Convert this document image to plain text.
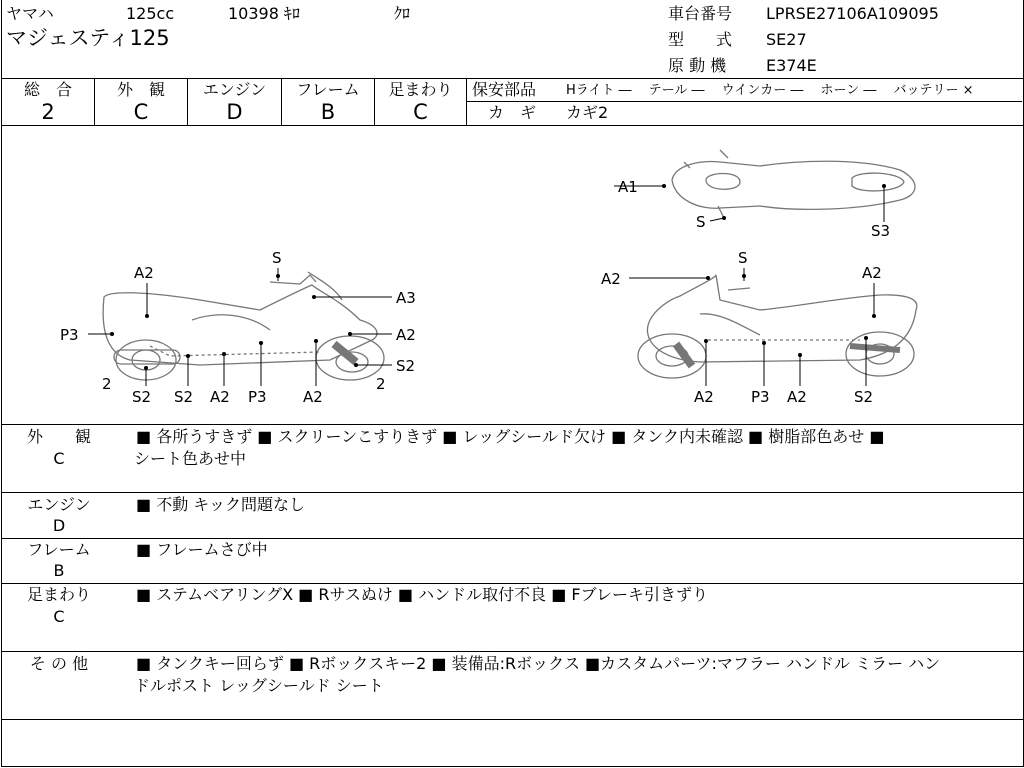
ヤマハ	125cc	10398 ｷﾛ	ｸﾛ
マジェスティ125
車台番号 LPRSE27106A109095
型　　式 SE27
原 動 機 E374E
総　合
2
外　観
C
エンジン
D
フレーム
B
足まわり
C
保安部品 Hライト ―　 テール ―　 ウインカー ―　 ホーン ―　 バッテリー ×
カ　ギ カギ2
A2
S
A3
P3	A2
S2
2
S2 S2 A2 P3 A2
2
A1
S	S3
A2
S
A2
A2 P3 A2	S2
外　　観
C
■ 各所うすきず ■ スクリーンこすりきず ■ レッグシールド欠け ■ タンク内未確認 ■ 樹脂部色あせ ■
シート色あせ中
エンジン
D
■ 不動 キック問題なし
フレーム
B
■ フレームさび中
足まわり
C
■ ステムベアリングX ■ Rサスぬけ ■ ハンドル取付不良 ■ Fブレーキ引きずり
そ の 他	■ タンクキー回らず ■ Rボックスキー2 ■ 装備品:Rボックス ■カスタムパーツ:マフラー ハンドル ミラー ハン
ドルポスト レッグシールド シート
